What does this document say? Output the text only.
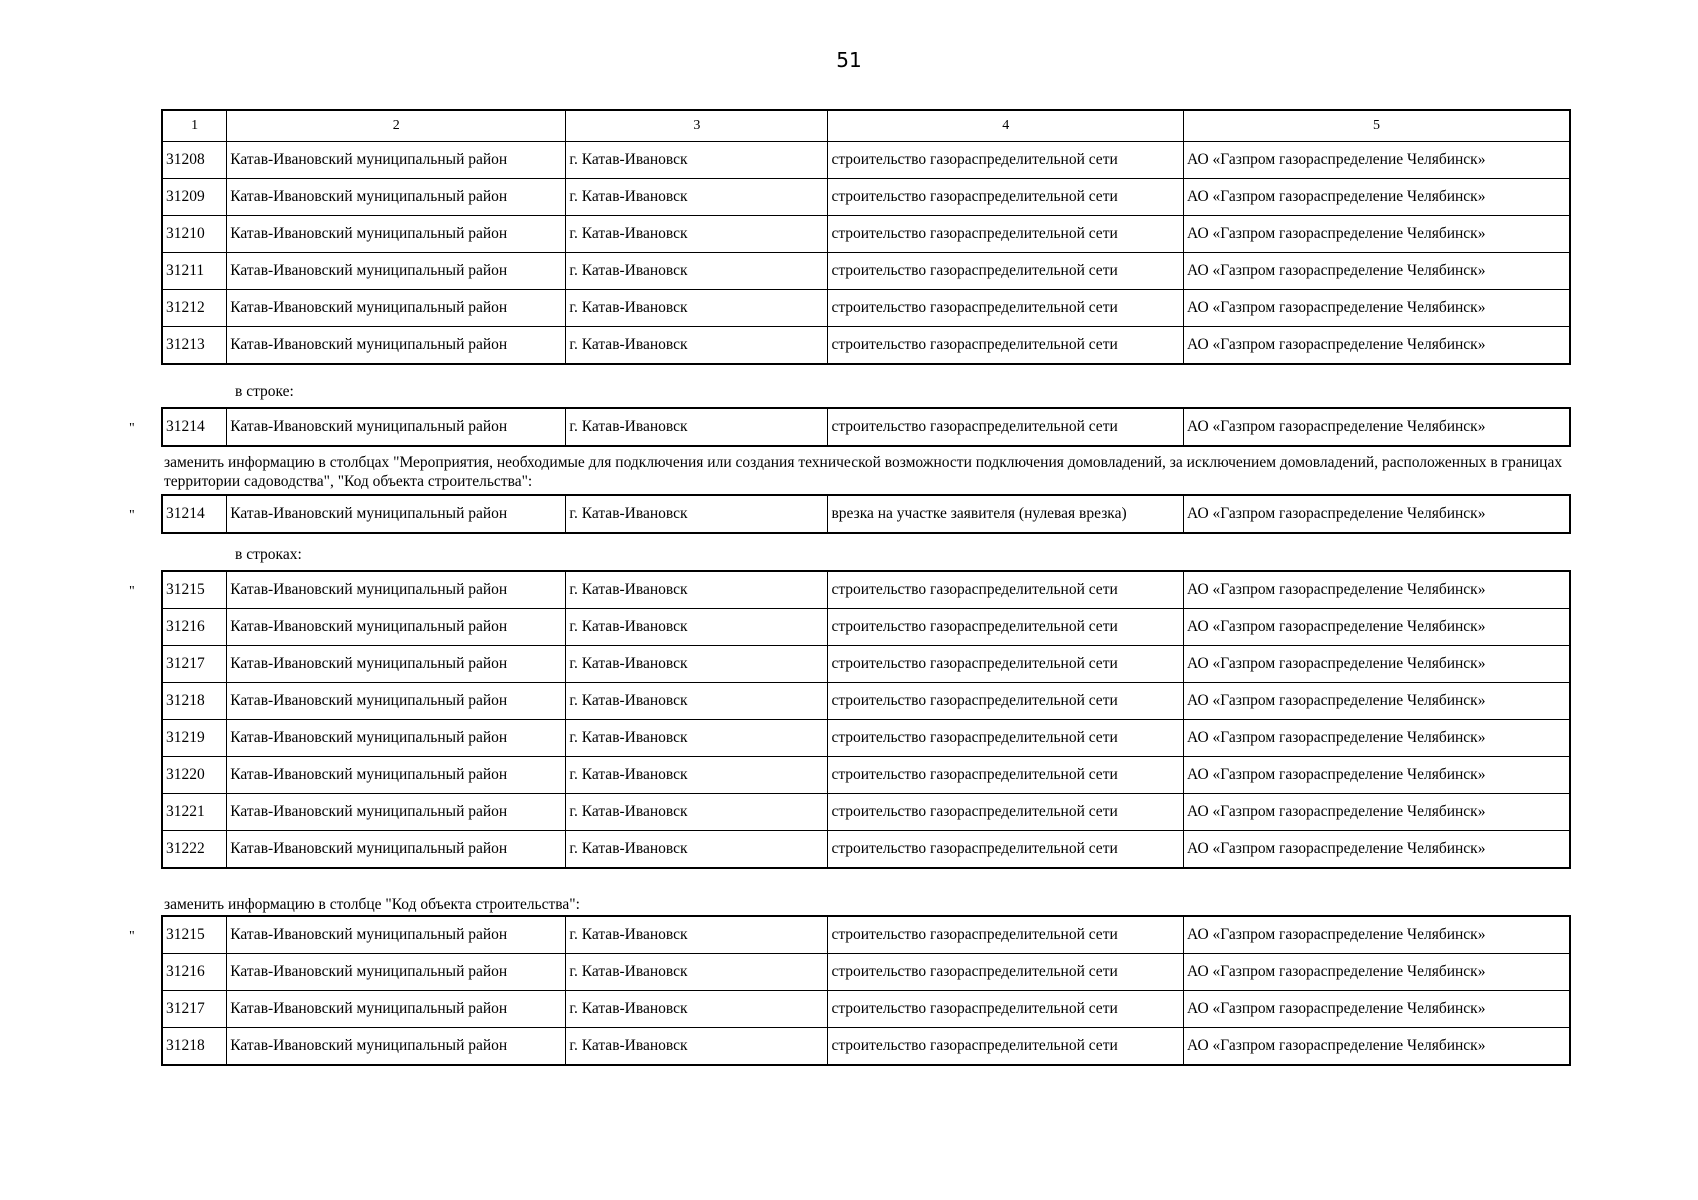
51
1	2	3	4	5
31208	Катав-Ивановский муниципальный район	г. Катав-Ивановск	строительство газораспределительной сети	АО «Газпром газораспределение Челябинск»
31209	Катав-Ивановский муниципальный район	г. Катав-Ивановск	строительство газораспределительной сети	АО «Газпром газораспределение Челябинск»
31210	Катав-Ивановский муниципальный район	г. Катав-Ивановск	строительство газораспределительной сети	АО «Газпром газораспределение Челябинск»
31211	Катав-Ивановский муниципальный район	г. Катав-Ивановск	строительство газораспределительной сети	АО «Газпром газораспределение Челябинск»
31212	Катав-Ивановский муниципальный район	г. Катав-Ивановск	строительство газораспределительной сети	АО «Газпром газораспределение Челябинск»
31213	Катав-Ивановский муниципальный район	г. Катав-Ивановск	строительство газораспределительной сети	АО «Газпром газораспределение Челябинск»
в строке:
" 31214	Катав-Ивановский муниципальный район	г. Катав-Ивановск	строительство газораспределительной сети	АО «Газпром газораспределение Челябинск»
заменить информацию в столбцах "Мероприятия, необходимые для подключения или создания технической возможности подключения домовладений, за исключением домовладений, расположенных в границах территории садоводства", "Код объекта строительства":
" 31214	Катав-Ивановский муниципальный район	г. Катав-Ивановск	врезка на участке заявителя (нулевая врезка)	АО «Газпром газораспределение Челябинск»
в строках:
" 31215	Катав-Ивановский муниципальный район	г. Катав-Ивановск	строительство газораспределительной сети	АО «Газпром газораспределение Челябинск»
31216	Катав-Ивановский муниципальный район	г. Катав-Ивановск	строительство газораспределительной сети	АО «Газпром газораспределение Челябинск»
31217	Катав-Ивановский муниципальный район	г. Катав-Ивановск	строительство газораспределительной сети	АО «Газпром газораспределение Челябинск»
31218	Катав-Ивановский муниципальный район	г. Катав-Ивановск	строительство газораспределительной сети	АО «Газпром газораспределение Челябинск»
31219	Катав-Ивановский муниципальный район	г. Катав-Ивановск	строительство газораспределительной сети	АО «Газпром газораспределение Челябинск»
31220	Катав-Ивановский муниципальный район	г. Катав-Ивановск	строительство газораспределительной сети	АО «Газпром газораспределение Челябинск»
31221	Катав-Ивановский муниципальный район	г. Катав-Ивановск	строительство газораспределительной сети	АО «Газпром газораспределение Челябинск»
31222	Катав-Ивановский муниципальный район	г. Катав-Ивановск	строительство газораспределительной сети	АО «Газпром газораспределение Челябинск»
заменить информацию в столбце "Код объекта строительства":
" 31215	Катав-Ивановский муниципальный район	г. Катав-Ивановск	строительство газораспределительной сети	АО «Газпром газораспределение Челябинск»
31216	Катав-Ивановский муниципальный район	г. Катав-Ивановск	строительство газораспределительной сети	АО «Газпром газораспределение Челябинск»
31217	Катав-Ивановский муниципальный район	г. Катав-Ивановск	строительство газораспределительной сети	АО «Газпром газораспределение Челябинск»
31218	Катав-Ивановский муниципальный район	г. Катав-Ивановск	строительство газораспределительной сети	АО «Газпром газораспределение Челябинск»
